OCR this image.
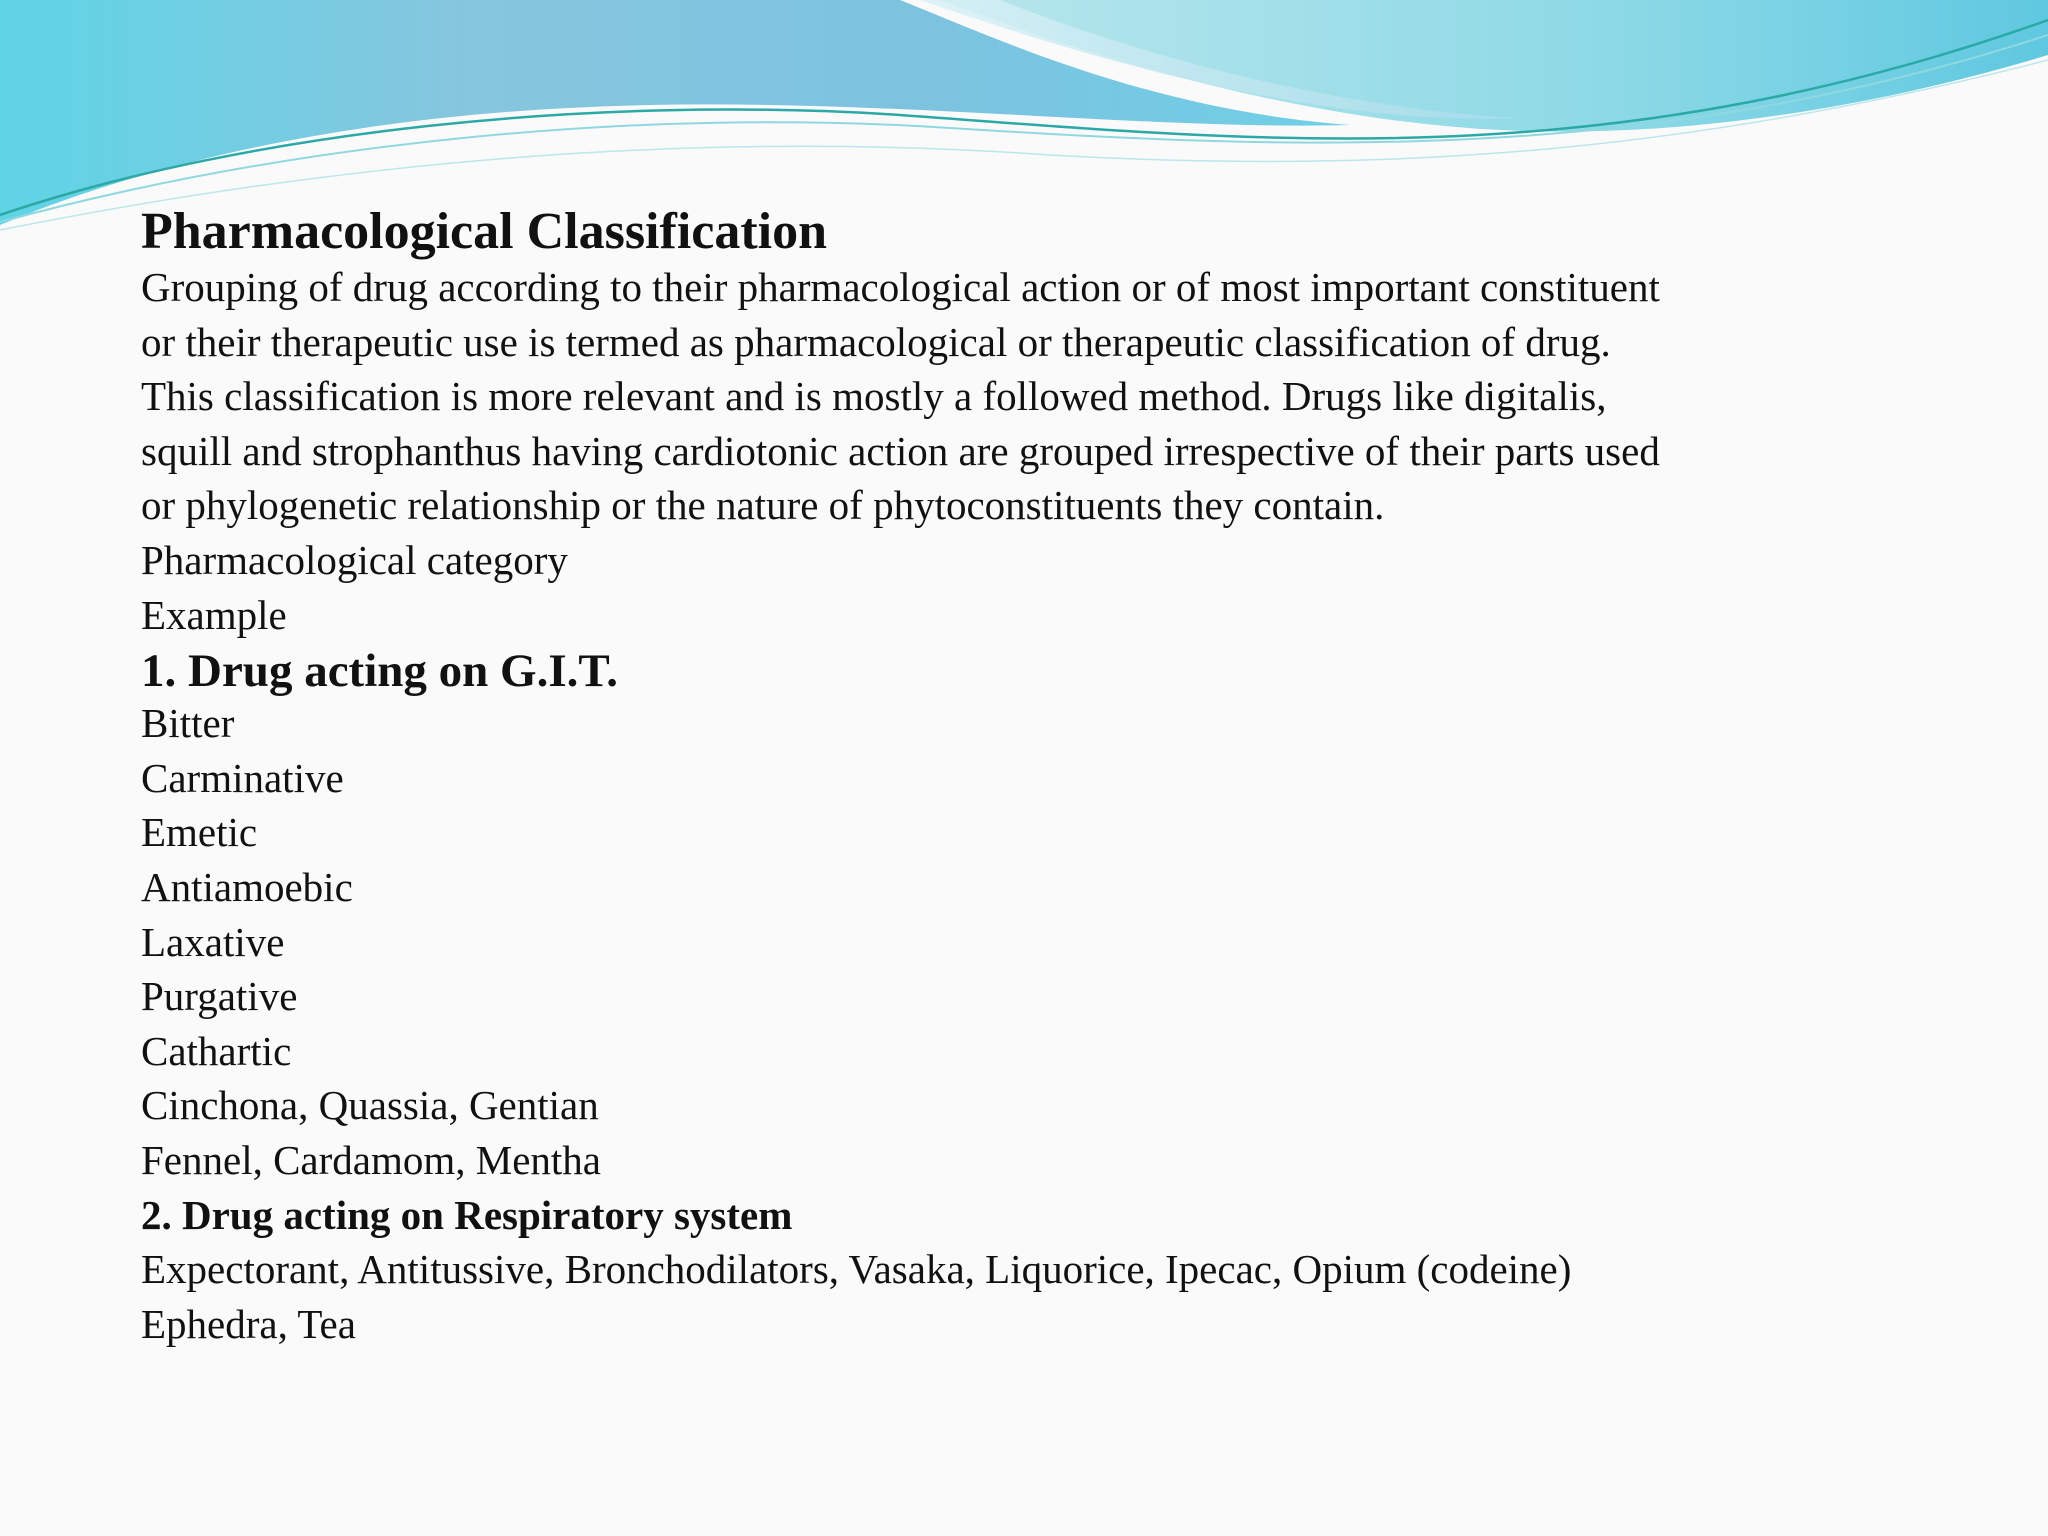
Pharmacological Classification
Grouping of drug according to their pharmacological action or of most important constituent
or their therapeutic use is termed as pharmacological or therapeutic classification of drug.
This classification is more relevant and is mostly a followed method. Drugs like digitalis,
squill and strophanthus having cardiotonic action are grouped irrespective of their parts used
or phylogenetic relationship or the nature of phytoconstituents they contain.
Pharmacological category
Example
1. Drug acting on G.I.T.
Bitter
Carminative
Emetic
Antiamoebic
Laxative
Purgative
Cathartic
Cinchona, Quassia, Gentian
Fennel, Cardamom, Mentha
2. Drug acting on Respiratory system
Expectorant, Antitussive, Bronchodilators, Vasaka, Liquorice, Ipecac, Opium (codeine)
Ephedra, Tea
